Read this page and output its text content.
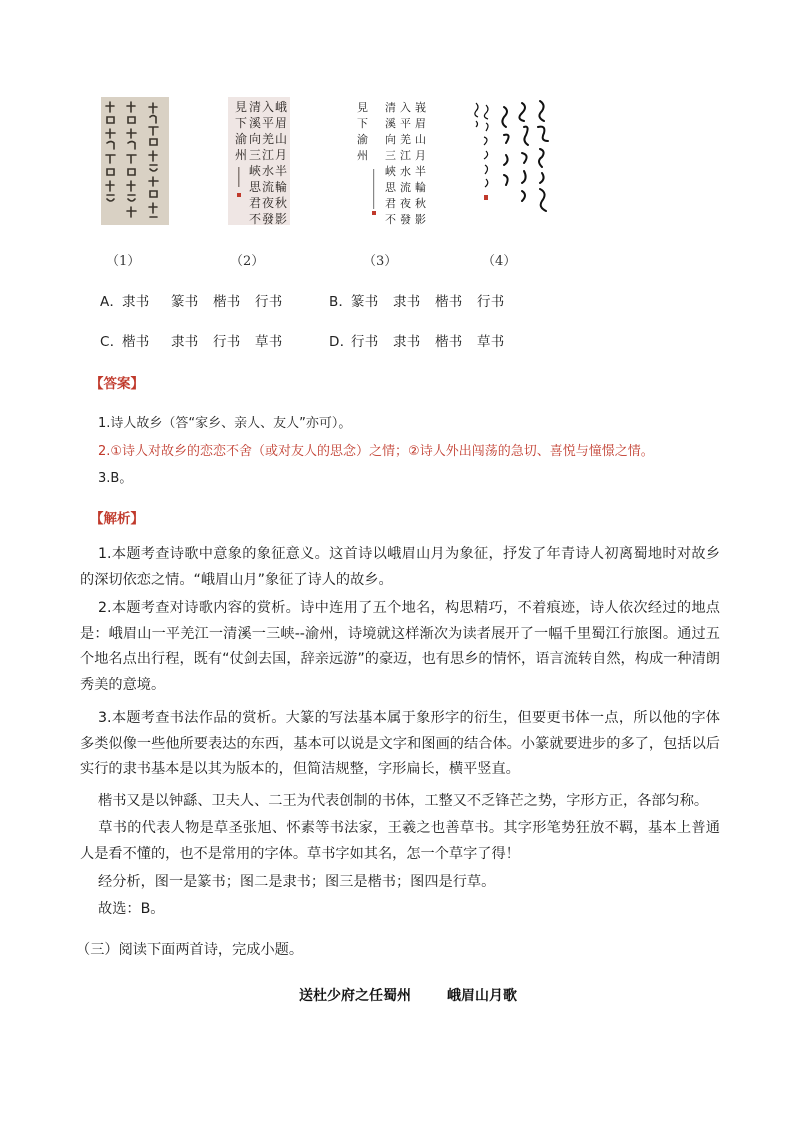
峨
眉
山
月
半
輪
秋
影
入
平
羌
江
水
流
夜
發
清
溪
向
三
峽
思
君
不
見
下
渝
州
峩
眉
山
月
半
輪
秋
影
入
平
羌
江
水
流
夜
發
清
溪
向
三
峽
思
君
不
見
下
渝
州
（1）	（2）	（3）	（4）
A．隶书 篆书 楷书 行书	B．篆书 隶书 楷书 行书
C．楷书 隶书 行书 草书	D．行书 隶书 楷书 草书
【答案】
1.诗人故乡（答“家乡、亲人、友人”亦可）。
2.①诗人对故乡的恋恋不舍（或对友人的思念）之情；②诗人外出闯荡的急切、喜悦与憧憬之情。
3.B。
【解析】
1.本题考查诗歌中意象的象征意义。这首诗以峨眉山月为象征，抒发了年青诗人初离蜀地时对故乡的深切依恋之情。“峨眉山月”象征了诗人的故乡。
2.本题考查对诗歌内容的赏析。诗中连用了五个地名，构思精巧，不着痕迹，诗人依次经过的地点是：峨眉山一平羌江一清溪一三峡--渝州，诗境就这样渐次为读者展开了一幅千里蜀江行旅图。通过五个地名点出行程，既有“仗剑去国，辞亲远游”的豪迈，也有思乡的情怀，语言流转自然，构成一种清朗秀美的意境。
3.本题考查书法作品的赏析。大篆的写法基本属于象形字的衍生，但要更书体一点，所以他的字体多类似像一些他所要表达的东西，基本可以说是文字和图画的结合体。小篆就要进步的多了，包括以后实行的隶书基本是以其为版本的，但简洁规整，字形扁长，横平竖直。
楷书又是以钟繇、卫夫人、二王为代表创制的书体，工整又不乏锋芒之势，字形方正，各部匀称。
草书的代表人物是草圣张旭、怀素等书法家，王羲之也善草书。其字形笔势狂放不羁，基本上普通人是看不懂的，也不是常用的字体。草书字如其名，怎一个草字了得！
经分析，图一是篆书；图二是隶书；图三是楷书；图四是行草。
故选：B。
（三）阅读下面两首诗，完成小题。
送杜少府之任蜀州	峨眉山月歌
